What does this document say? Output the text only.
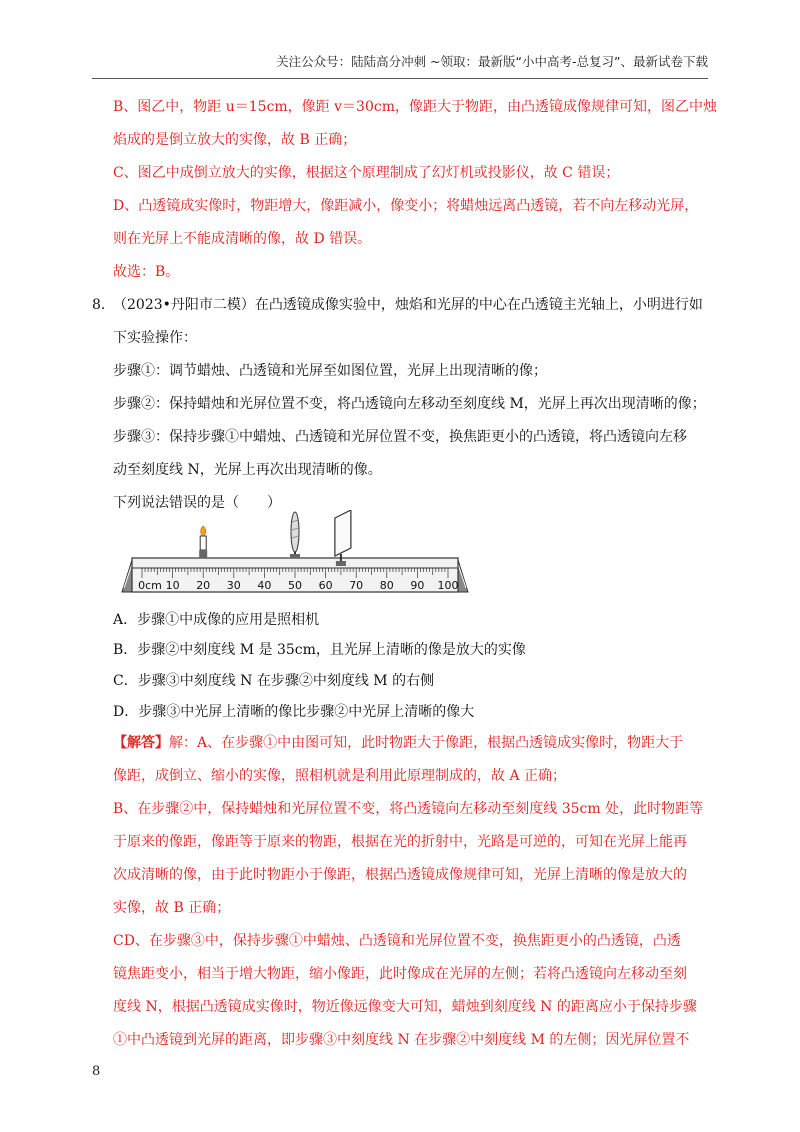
关注公众号：陆陆高分冲刺 ~领取：最新版“小中高考-总复习”、最新试卷下载
B、图乙中，物距 u＝15cm，像距 v＝30cm，像距大于物距，由凸透镜成像规律可知，图乙中烛
焰成的是倒立放大的实像，故 B 正确；
C、图乙中成倒立放大的实像，根据这个原理制成了幻灯机或投影仪，故 C 错误；
D、凸透镜成实像时，物距增大，像距减小，像变小；将蜡烛远离凸透镜，若不向左移动光屏，
则在光屏上不能成清晰的像，故 D 错误。
故选：B。
8．
（2023•丹阳市二模）在凸透镜成像实验中，烛焰和光屏的中心在凸透镜主光轴上，小明进行如
下实验操作：
步骤①：调节蜡烛、凸透镜和光屏至如图位置，光屏上出现清晰的像；
步骤②：保持蜡烛和光屏位置不变，将凸透镜向左移动至刻度线 M，光屏上再次出现清晰的像；
步骤③：保持步骤①中蜡烛、凸透镜和光屏位置不变，换焦距更小的凸透镜，将凸透镜向左移
动至刻度线 N，光屏上再次出现清晰的像。
下列说法错误的是（　　）
0cm 10 20 30 40 50 60 70 80 90 100
A．步骤①中成像的应用是照相机
B．步骤②中刻度线 M 是 35cm，且光屏上清晰的像是放大的实像
C．步骤③中刻度线 N 在步骤②中刻度线 M 的右侧
D．步骤③中光屏上清晰的像比步骤②中光屏上清晰的像大
【解答】解：A、在步骤①中由图可知，此时物距大于像距，根据凸透镜成实像时，物距大于
像距，成倒立、缩小的实像，照相机就是利用此原理制成的，故 A 正确；
B、在步骤②中，保持蜡烛和光屏位置不变，将凸透镜向左移动至刻度线 35cm 处，此时物距等
于原来的像距，像距等于原来的物距，根据在光的折射中，光路是可逆的，可知在光屏上能再
次成清晰的像，由于此时物距小于像距，根据凸透镜成像规律可知，光屏上清晰的像是放大的
实像，故 B 正确；
CD、在步骤③中，保持步骤①中蜡烛、凸透镜和光屏位置不变，换焦距更小的凸透镜，凸透
镜焦距变小，相当于增大物距，缩小像距，此时像成在光屏的左侧；若将凸透镜向左移动至刻
度线 N，根据凸透镜成实像时，物近像远像变大可知，蜡烛到刻度线 N 的距离应小于保持步骤
①中凸透镜到光屏的距离，即步骤③中刻度线 N 在步骤②中刻度线 M 的左侧；因光屏位置不
8
